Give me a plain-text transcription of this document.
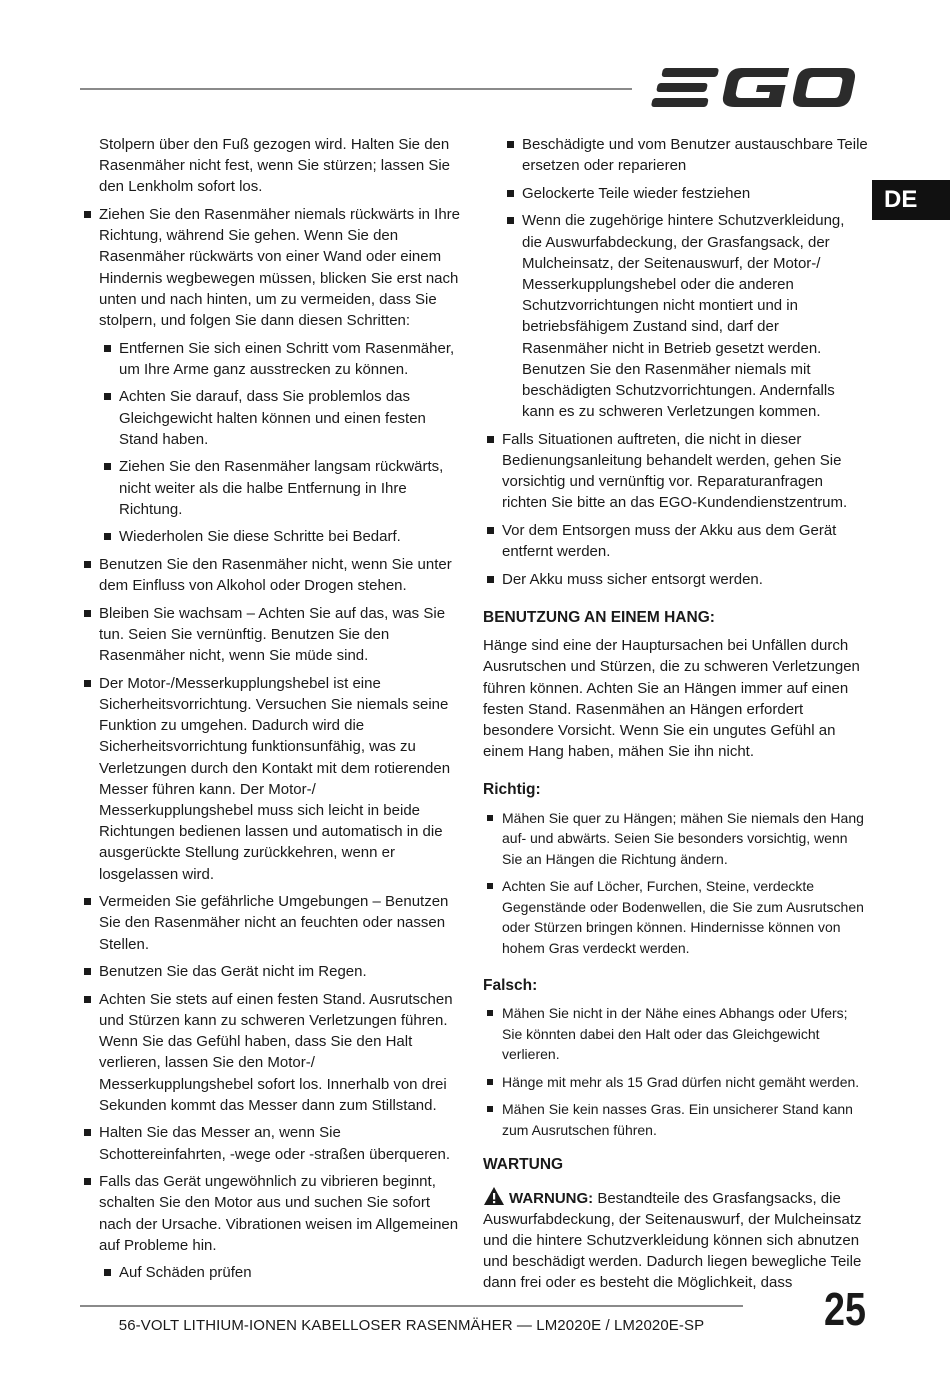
DE

Stolpern über den Fuß gezogen wird. Halten Sie den Rasenmäher nicht fest, wenn Sie stürzen; lassen Sie den Lenkholm sofort los.

Ziehen Sie den Rasenmäher niemals rückwärts in Ihre Richtung, während Sie gehen. Wenn Sie den Rasenmäher rückwärts von einer Wand oder einem Hindernis wegbewegen müssen, blicken Sie erst nach unten und nach hinten, um zu vermeiden, dass Sie stolpern, und folgen Sie dann diesen Schritten:
Entfernen Sie sich einen Schritt vom Rasenmäher, um Ihre Arme ganz ausstrecken zu können.
Achten Sie darauf, dass Sie problemlos das Gleichgewicht halten können und einen festen Stand haben.
Ziehen Sie den Rasenmäher langsam rückwärts, nicht weiter als die halbe Entfernung in Ihre Richtung.
Wiederholen Sie diese Schritte bei Bedarf.
Benutzen Sie den Rasenmäher nicht, wenn Sie unter dem Einfluss von Alkohol oder Drogen stehen.
Bleiben Sie wachsam – Achten Sie auf das, was Sie tun. Seien Sie vernünftig. Benutzen Sie den Rasenmäher nicht, wenn Sie müde sind.
Der Motor-/Messerkupplungshebel ist eine Sicherheitsvorrichtung. Versuchen Sie niemals seine Funktion zu umgehen. Dadurch wird die Sicherheitsvorrichtung funktionsunfähig, was zu Verletzungen durch den Kontakt mit dem rotierenden Messer führen kann. Der Motor-/ Messerkupplungshebel muss sich leicht in beide Richtungen bedienen lassen und automatisch in die ausgerückte Stellung zurückkehren, wenn er losgelassen wird.
Vermeiden Sie gefährliche Umgebungen – Benutzen Sie den Rasenmäher nicht an feuchten oder nassen Stellen.
Benutzen Sie das Gerät nicht im Regen.
Achten Sie stets auf einen festen Stand. Ausrutschen und Stürzen kann zu schweren Verletzungen führen. Wenn Sie das Gefühl haben, dass Sie den Halt verlieren, lassen Sie den Motor-/ Messerkupplungshebel sofort los. Innerhalb von drei Sekunden kommt das Messer dann zum Stillstand.
Halten Sie das Messer an, wenn Sie Schottereinfahrten, -wege oder -straßen überqueren.
Falls das Gerät ungewöhnlich zu vibrieren beginnt, schalten Sie den Motor aus und suchen Sie sofort nach der Ursache. Vibrationen weisen im Allgemeinen auf Probleme hin.
Auf Schäden prüfen
Beschädigte und vom Benutzer austauschbare Teile ersetzen oder reparieren
Gelockerte Teile wieder festziehen
Wenn die zugehörige hintere Schutzverkleidung, die Auswurfabdeckung, der Grasfangsack, der Mulcheinsatz, der Seitenauswurf, der Motor-/ Messerkupplungshebel oder die anderen Schutzvorrichtungen nicht montiert und in betriebsfähigem Zustand sind, darf der Rasenmäher nicht in Betrieb gesetzt werden. Benutzen Sie den Rasenmäher niemals mit beschädigten Schutzvorrichtungen. Andernfalls kann es zu schweren Verletzungen kommen.
Falls Situationen auftreten, die nicht in dieser Bedienungsanleitung behandelt werden, gehen Sie vorsichtig und vernünftig vor. Reparaturanfragen richten Sie bitte an das EGO-Kundendienstzentrum.
Vor dem Entsorgen muss der Akku aus dem Gerät entfernt werden.
Der Akku muss sicher entsorgt werden.
BENUTZUNG AN EINEM HANG:

Hänge sind eine der Hauptursachen bei Unfällen durch Ausrutschen und Stürzen, die zu schweren Verletzungen führen können. Achten Sie an Hängen immer auf einen festen Stand. Rasenmähen an Hängen erfordert besondere Vorsicht. Wenn Sie ein ungutes Gefühl an einem Hang haben, mähen Sie ihn nicht.

Richtig:
Mähen Sie quer zu Hängen; mähen Sie niemals den Hang auf- und abwärts. Seien Sie besonders vorsichtig, wenn Sie an Hängen die Richtung ändern.
Achten Sie auf Löcher, Furchen, Steine, verdeckte Gegenstände oder Bodenwellen, die Sie zum Ausrutschen oder Stürzen bringen können. Hindernisse können von hohem Gras verdeckt werden.
Falsch:
Mähen Sie nicht in der Nähe eines Abhangs oder Ufers; Sie könnten dabei den Halt oder das Gleichgewicht verlieren.
Hänge mit mehr als 15 Grad dürfen nicht gemäht werden.
Mähen Sie kein nasses Gras. Ein unsicherer Stand kann zum Ausrutschen führen.
WARTUNG

WARNUNG: Bestandteile des Grasfangsacks, die Auswurfabdeckung, der Seitenauswurf, der Mulcheinsatz und die hintere Schutzverkleidung können sich abnutzen und beschädigt werden. Dadurch liegen bewegliche Teile dann frei oder es besteht die Möglichkeit, dass

56-VOLT LITHIUM-IONEN KABELLOSER RASENMÄHER — LM2020E / LM2020E-SP	25
